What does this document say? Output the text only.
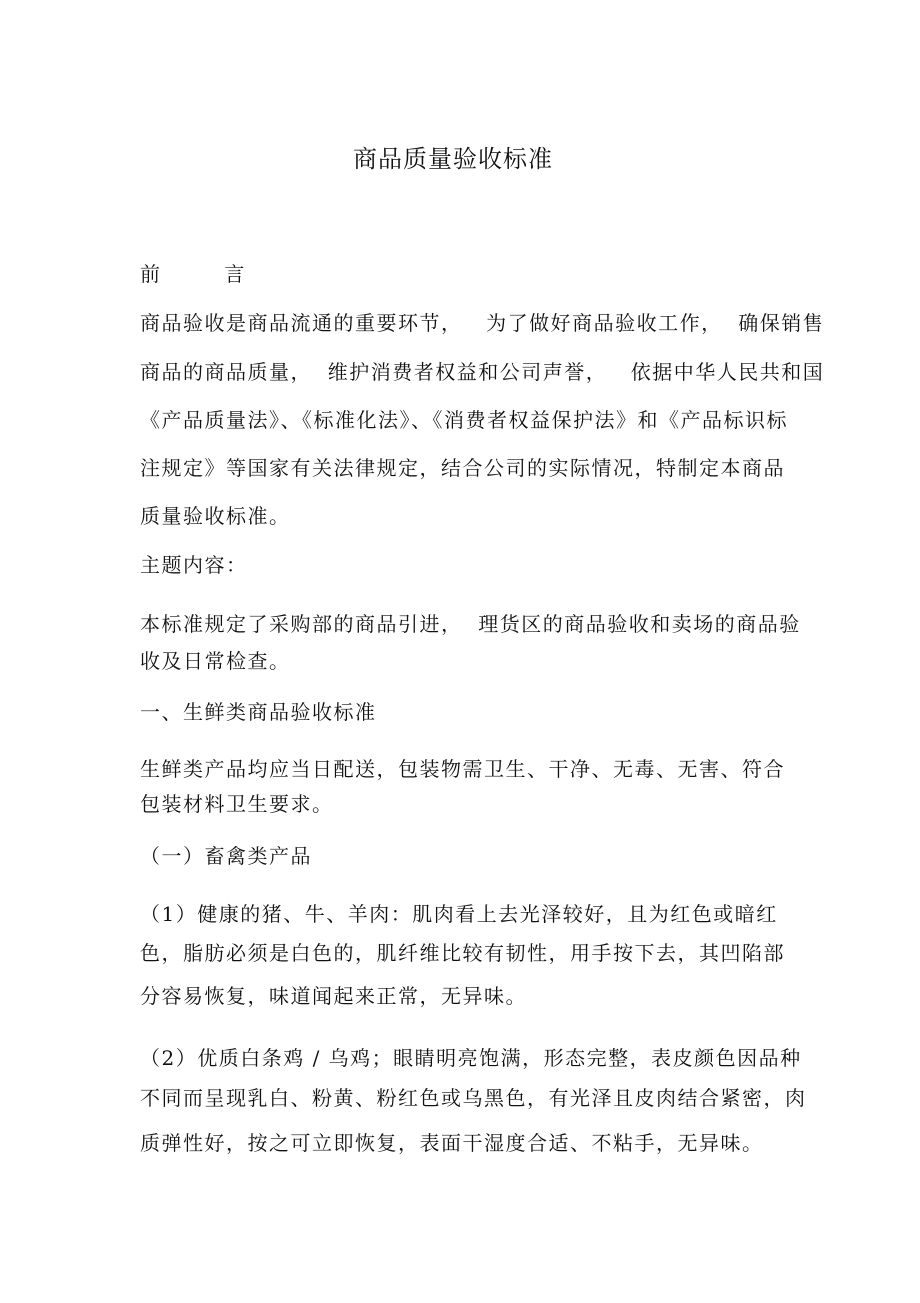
商品质量验收标准
前        言
商品验收是商品流通的重要环节，   为了做好商品验收工作，  确保销售
商品的商品质量，  维护消费者权益和公司声誉，   依据中华人民共和国
《产品质量法》、《标准化法》、《消费者权益保护法》和《产品标识标
注规定》等国家有关法律规定，结合公司的实际情况，特制定本商品
质量验收标准。
主题内容：
本标准规定了采购部的商品引进，  理货区的商品验收和卖场的商品验
收及日常检查。
一、生鲜类商品验收标准
生鲜类产品均应当日配送，包装物需卫生、干净、无毒、无害、符合
包装材料卫生要求。
（一）畜禽类产品
（1）健康的猪、牛、羊肉：肌肉看上去光泽较好，且为红色或暗红
色，脂肪必须是白色的，肌纤维比较有韧性，用手按下去，其凹陷部
分容易恢复，味道闻起来正常，无异味。
（2）优质白条鸡 / 乌鸡；眼睛明亮饱满，形态完整，表皮颜色因品种
不同而呈现乳白、粉黄、粉红色或乌黑色，有光泽且皮肉结合紧密，肉
质弹性好，按之可立即恢复，表面干湿度合适、不粘手，无异味。
